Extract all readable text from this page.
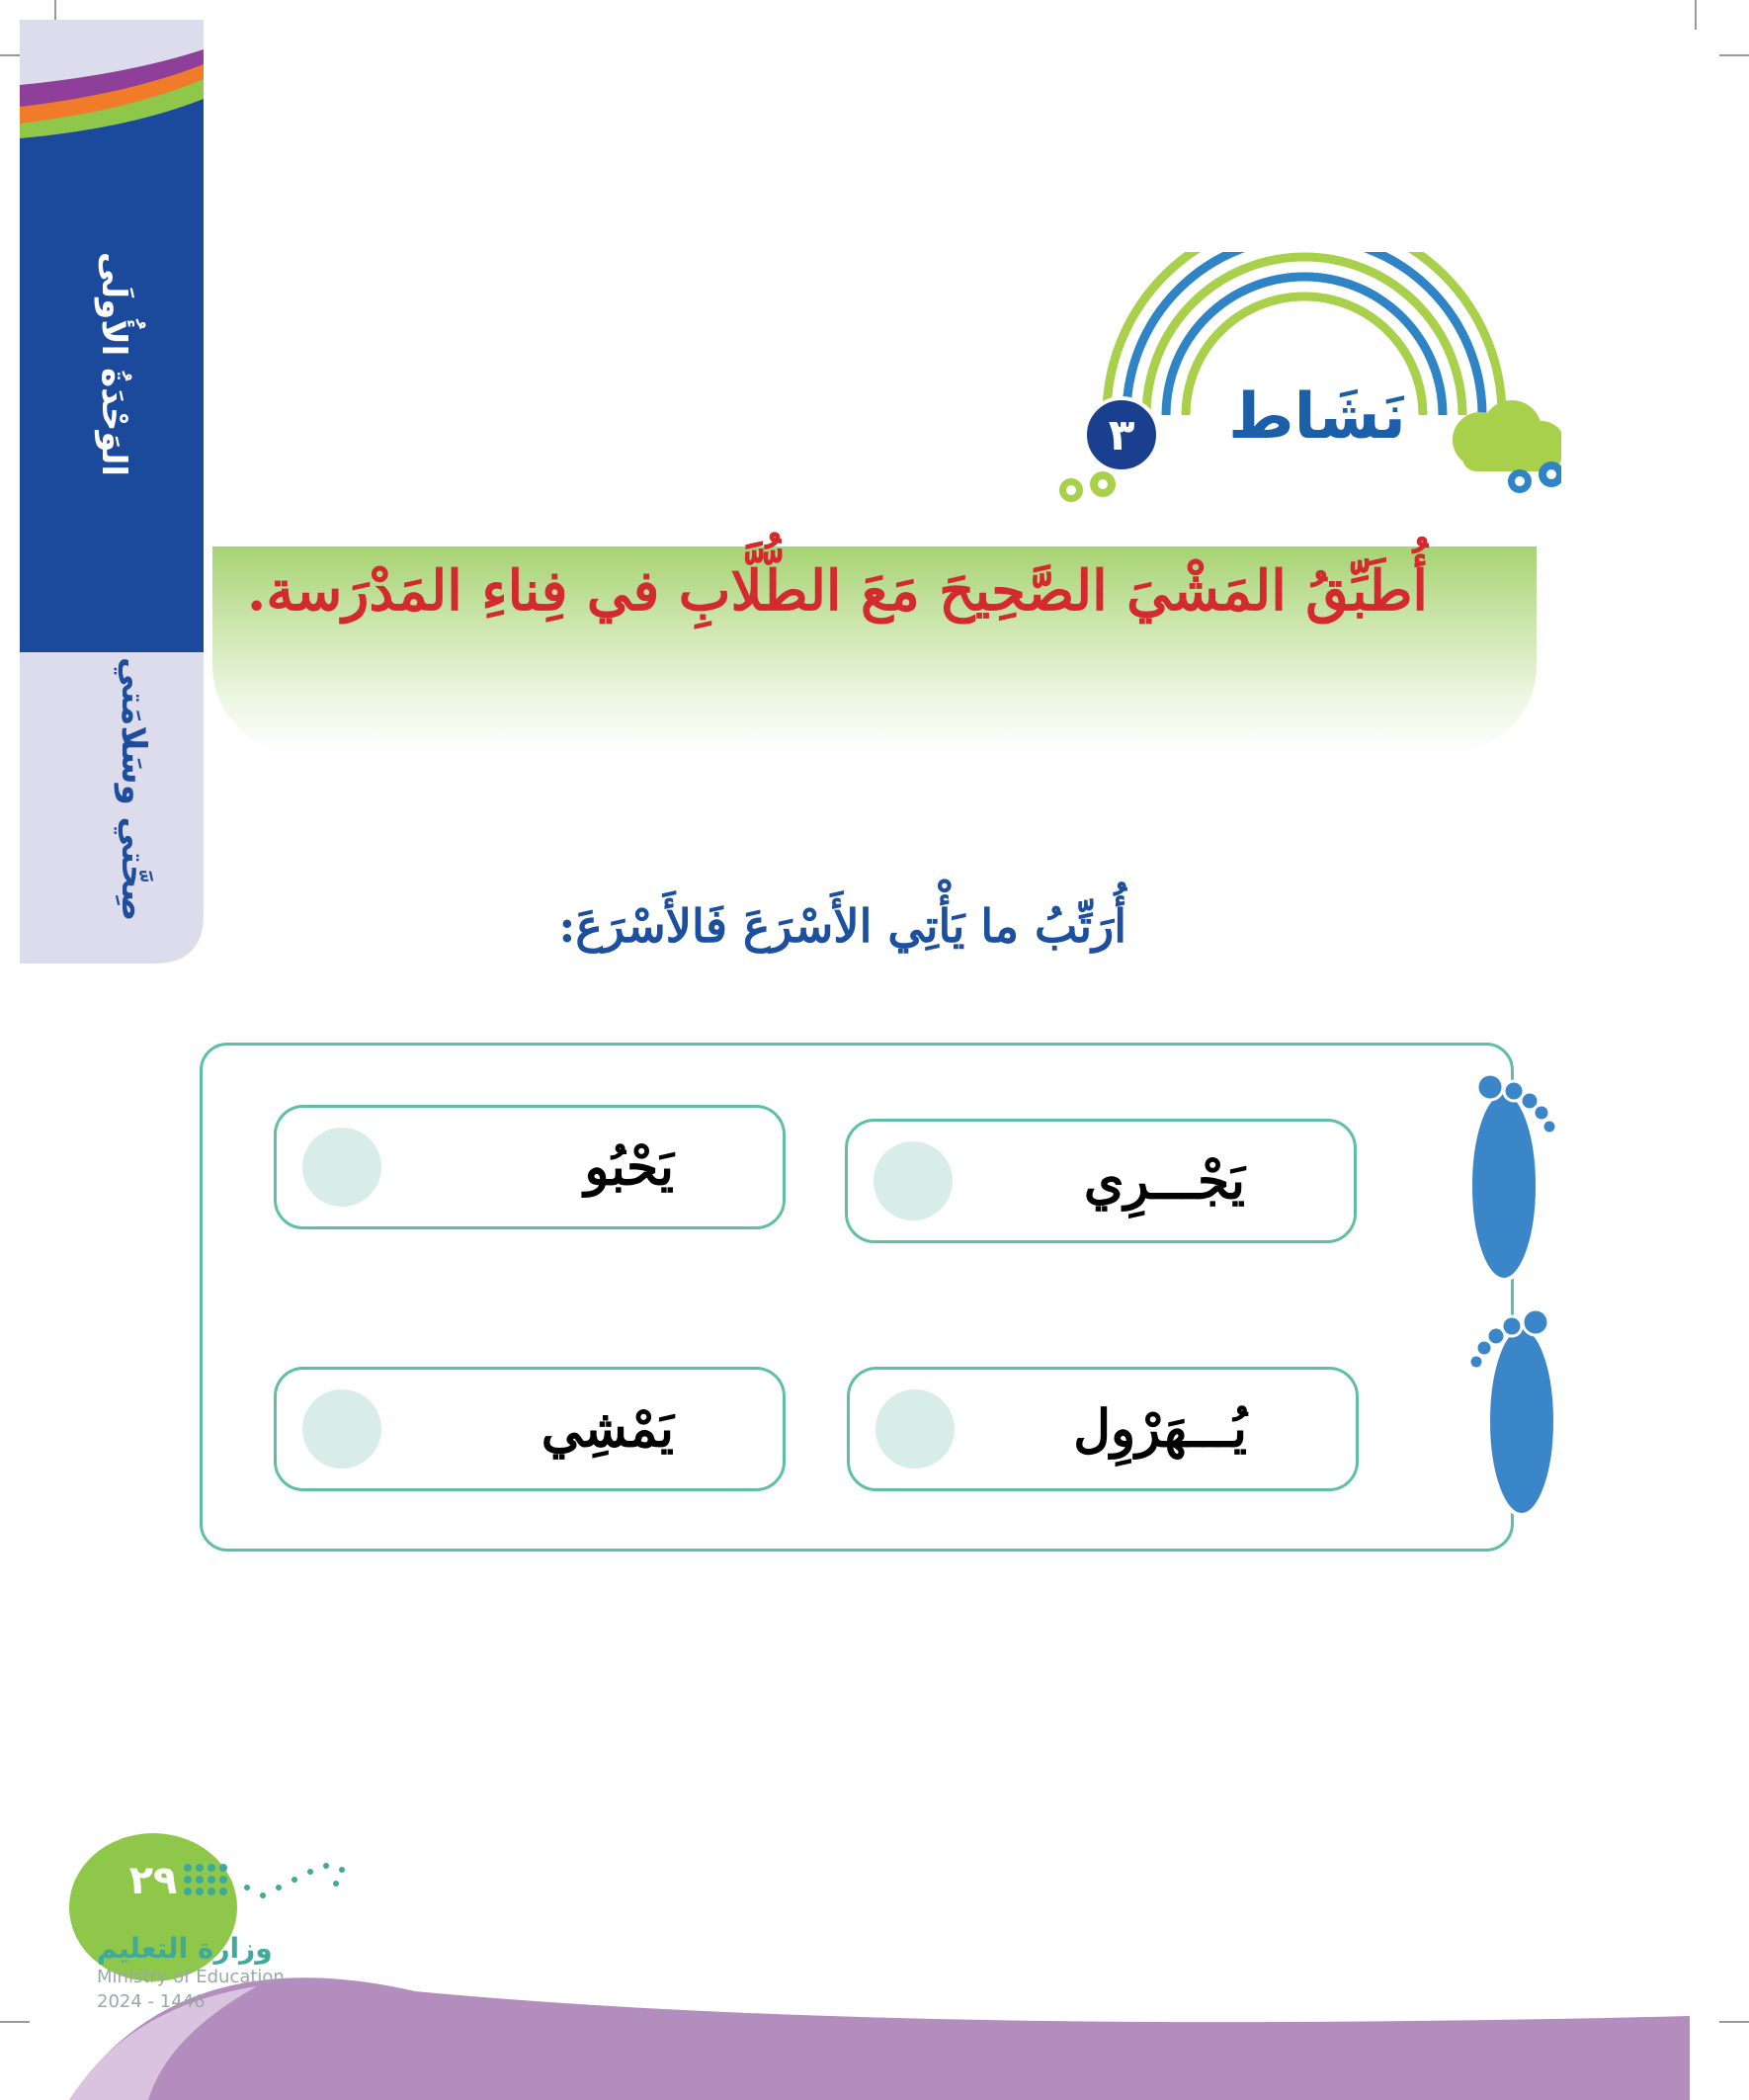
الوَحْدَةُ الأُولَى
صِحَّتي وسَلامَتي
نَشَاط
٣
أُطَبِّقُ المَشْيَ الصَّحِيحَ مَعَ الطُّلَّابِ في فِناءِ المَدْرَسة.
أُرَتِّبُ ما يَأْتِي الأَسْرَعَ فَالأَسْرَعَ:
يَجْـــرِي
يَحْبُو
يُـــهَرْوِل
يَمْشِي
٢٩
وزارة التعليم
Ministry of Education
2024 - 1446
